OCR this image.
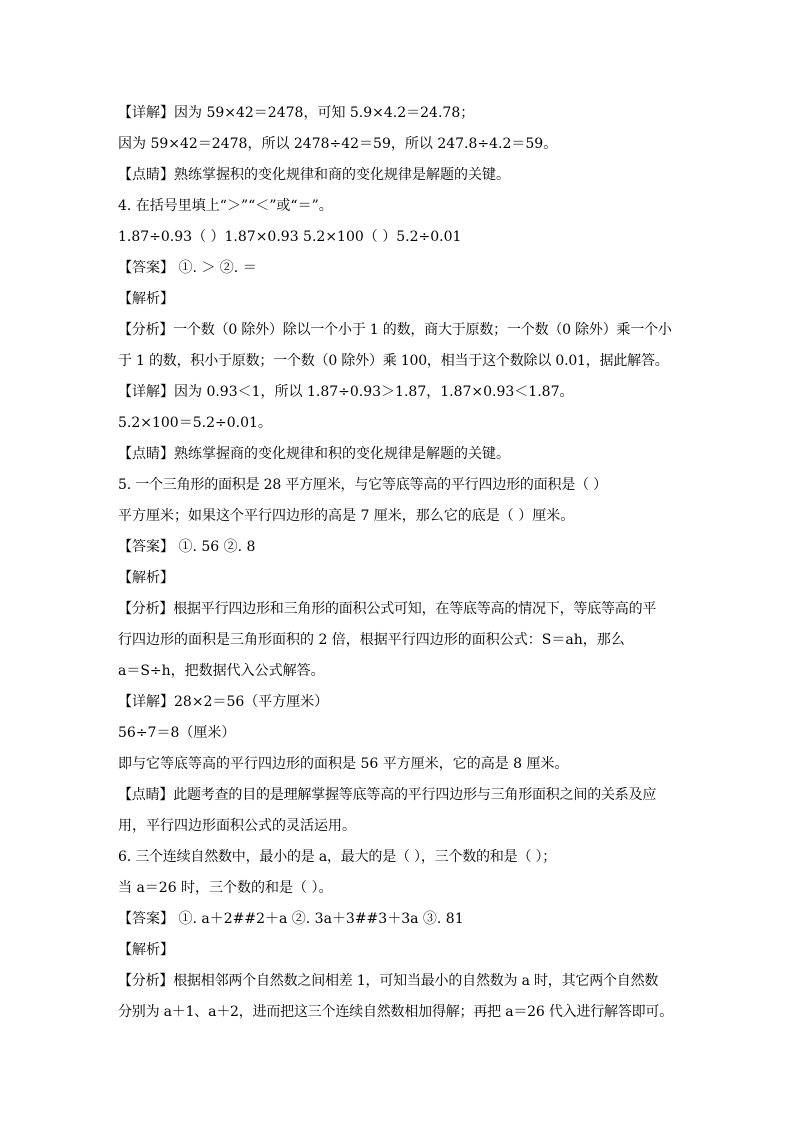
【详解】因为 59×42＝2478，可知 5.9×4.2＝24.78；
因为 59×42＝2478，所以 2478÷42＝59，所以 247.8÷4.2＝59。
【点睛】熟练掌握积的变化规律和商的变化规律是解题的关键。
4. 在括号里填上“＞”“＜”或“＝”。
1.87÷0.93（ ）1.87×0.93 5.2×100（ ）5.2÷0.01
【答案】 ①. ＞ ②. ＝
【解析】
【分析】一个数（0 除外）除以一个小于 1 的数，商大于原数；一个数（0 除外）乘一个小
于 1 的数，积小于原数；一个数（0 除外）乘 100，相当于这个数除以 0.01，据此解答。
【详解】因为 0.93＜1，所以 1.87÷0.93＞1.87，1.87×0.93＜1.87。
5.2×100＝5.2÷0.01。
【点睛】熟练掌握商的变化规律和积的变化规律是解题的关键。
5. 一个三角形的面积是 28 平方厘米，与它等底等高的平行四边形的面积是（ ）
平方厘米；如果这个平行四边形的高是 7 厘米，那么它的底是（ ）厘米。
【答案】 ①. 56 ②. 8
【解析】
【分析】根据平行四边形和三角形的面积公式可知，在等底等高的情况下，等底等高的平
行四边形的面积是三角形面积的 2 倍，根据平行四边形的面积公式：S＝ah，那么
a＝S÷h，把数据代入公式解答。
【详解】28×2＝56（平方厘米）
56÷7＝8（厘米）
即与它等底等高的平行四边形的面积是 56 平方厘米，它的高是 8 厘米。
【点睛】此题考查的目的是理解掌握等底等高的平行四边形与三角形面积之间的关系及应
用，平行四边形面积公式的灵活运用。
6. 三个连续自然数中，最小的是 a，最大的是（ ），三个数的和是（ ）；
当 a＝26 时，三个数的和是（ ）。
【答案】 ①. a＋2##2＋a ②. 3a＋3##3＋3a ③. 81
【解析】
【分析】根据相邻两个自然数之间相差 1，可知当最小的自然数为 a 时，其它两个自然数
分别为 a＋1、a＋2，进而把这三个连续自然数相加得解；再把 a＝26 代入进行解答即可。
